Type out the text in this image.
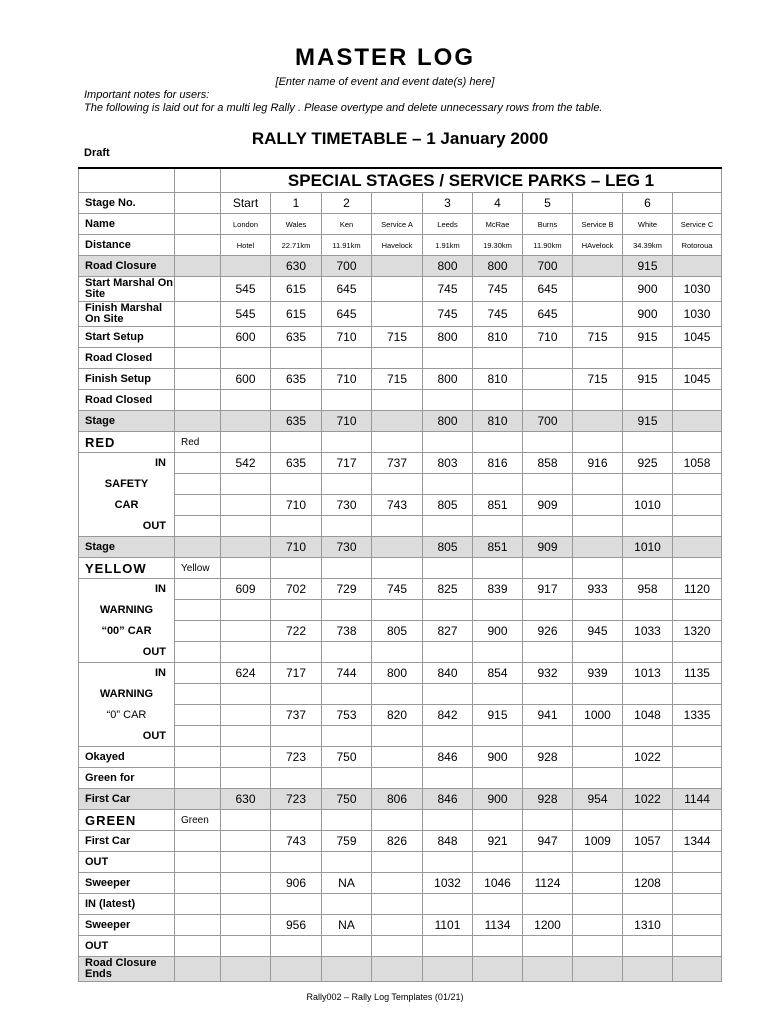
MASTER LOG
[Enter name of event and event date(s) here]
Important notes for users:
The following is laid out for a multi leg Rally . Please overtype and delete unnecessary rows from the table.
RALLY TIMETABLE – 1 January 2000
Draft
		SPECIAL STAGES / SERVICE PARKS – LEG 1									
Stage No.		Start	1	2		3	4	5		6	
Name		London	Wales	Ken	Service A	Leeds	McRae	Burns	Service B	White	Service C
Distance		Hotel	22.71km	11.91km	Havelock	1.91km	19.30km	11.90km	HAvelock	34.39km	Rotoroua
Road Closure			630	700		800	800	700		915	
Start Marshal On Site		545	615	645		745	745	645		900	1030
Finish Marshal On Site		545	615	645		745	745	645		900	1030
Start Setup		600	635	710	715	800	810	710	715	915	1045
Road Closed											
Finish Setup		600	635	710	715	800	810		715	915	1045
Road Closed											
Stage			635	710		800	810	700		915	
RED	Red										

IN		542	635	717	737	803	816	858	916	925	1058
SAFETY											
CAR			710	730	743	805	851	909		1010	

OUT											

Stage			710	730		805	851	909		1010	
YELLOW	Yellow										

IN		609	702	729	745	825	839	917	933	958	1120
WARNING											
“00” CAR			722	738	805	827	900	926	945	1033	1320

OUT											

IN		624	717	744	800	840	854	932	939	1013	1135
WARNING											
“0” CAR			737	753	820	842	915	941	1000	1048	1335

OUT											

Okayed			723	750		846	900	928		1022	
Green for											
First Car		630	723	750	806	846	900	928	954	1022	1144
GREEN	Green										
First Car			743	759	826	848	921	947	1009	1057	1344
OUT											
Sweeper			906	NA		1032	1046	1124		1208	
IN (latest)											
Sweeper			956	NA		1101	1134	1200		1310	
OUT											
Road Closure Ends											
Rally002 – Rally Log Templates (01/21)
